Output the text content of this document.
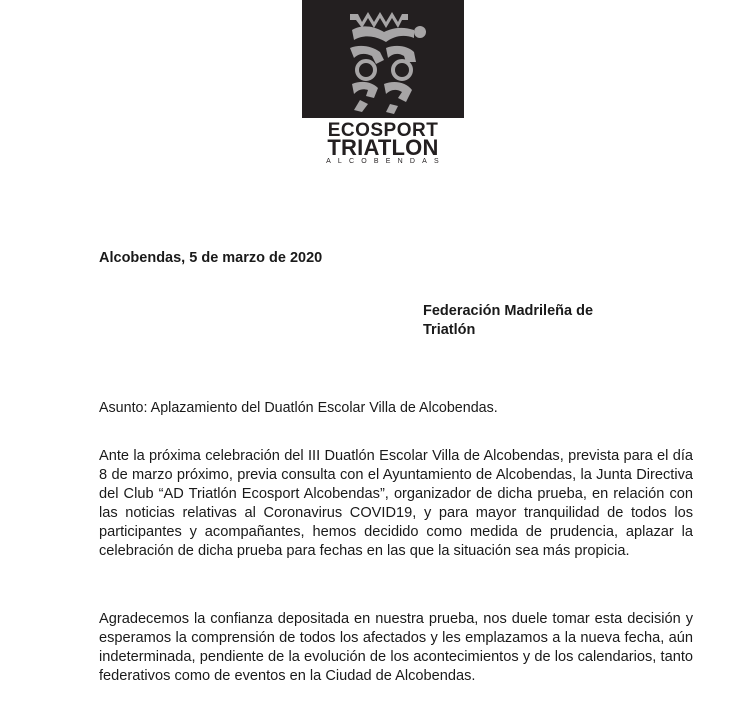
ECOSPORT
TRIATLON
ALCOBENDAS
Alcobendas, 5 de marzo de 2020
Federación Madrileña de Triatlón
Asunto: Aplazamiento del Duatlón Escolar Villa de Alcobendas.
Ante la próxima celebración del III Duatlón Escolar Villa de Alcobendas, prevista para el día 8 de marzo próximo, previa consulta con el Ayuntamiento de Alcobendas, la Junta Directiva del Club “AD Triatlón Ecosport Alcobendas”, organizador de dicha prueba, en relación con las noticias relativas al Coronavirus COVID19, y para mayor tranquilidad de todos los participantes y acompañantes, hemos decidido como medida de prudencia, aplazar la celebración de dicha prueba para fechas en las que la situación sea más propicia.
Agradecemos la confianza depositada en nuestra prueba, nos duele tomar esta decisión y esperamos la comprensión de todos los afectados y les emplazamos a la nueva fecha, aún indeterminada, pendiente de la evolución de los acontecimientos y de los calendarios, tanto federativos como de eventos en la Ciudad de Alcobendas.
